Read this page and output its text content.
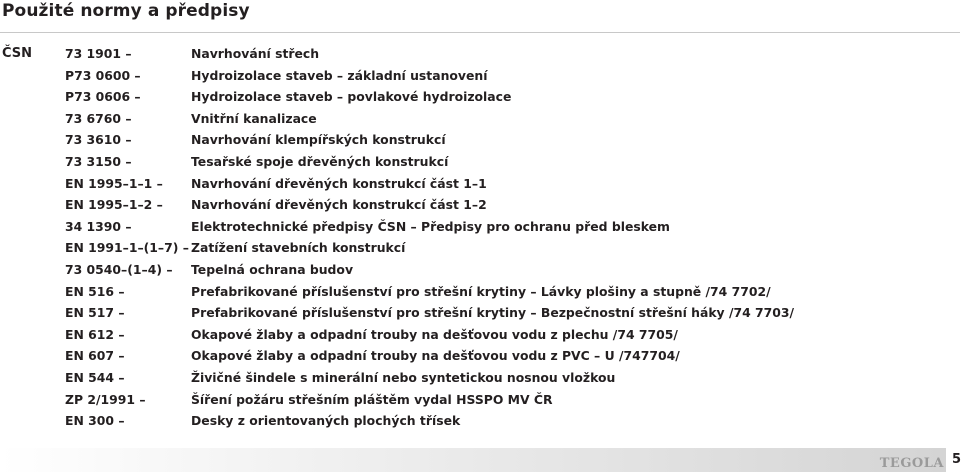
Použité normy a předpisy
ČSN	73 1901 –	Navrhování střech
P73 0600 –	Hydroizolace staveb – základní ustanovení
P73 0606 –	Hydroizolace staveb – povlakové hydroizolace
73 6760 –	Vnitřní kanalizace
73 3610 –	Navrhování klempířských konstrukcí
73 3150 –	Tesařské spoje dřevěných konstrukcí
EN 1995–1–1 – Navrhování dřevěných konstrukcí část 1–1
EN 1995–1–2 – Navrhování dřevěných konstrukcí část 1–2
34 1390 –	Elektrotechnické předpisy ČSN – Předpisy pro ochranu před bleskem
EN 1991–1–(1–7) – Zatížení stavebních konstrukcí
73 0540–(1–4) – Tepelná ochrana budov
EN 516 –	Prefabrikované příslušenství pro střešní krytiny – Lávky plošiny a stupně /74 7702/
EN 517 –	Prefabrikované příslušenství pro střešní krytiny – Bezpečnostní střešní háky /74 7703/
EN 612 –	Okapové žlaby a odpadní trouby na dešťovou vodu z plechu /74 7705/
EN 607 –	Okapové žlaby a odpadní trouby na dešťovou vodu z PVC – U /747704/
EN 544 –	Živičné šindele s minerální nebo syntetickou nosnou vložkou
ZP 2/1991 –	Šíření požáru střešním pláštěm vydal HSSPO MV ČR
EN 300 –	Desky z orientovaných plochých třísek
TEGOLA 5
